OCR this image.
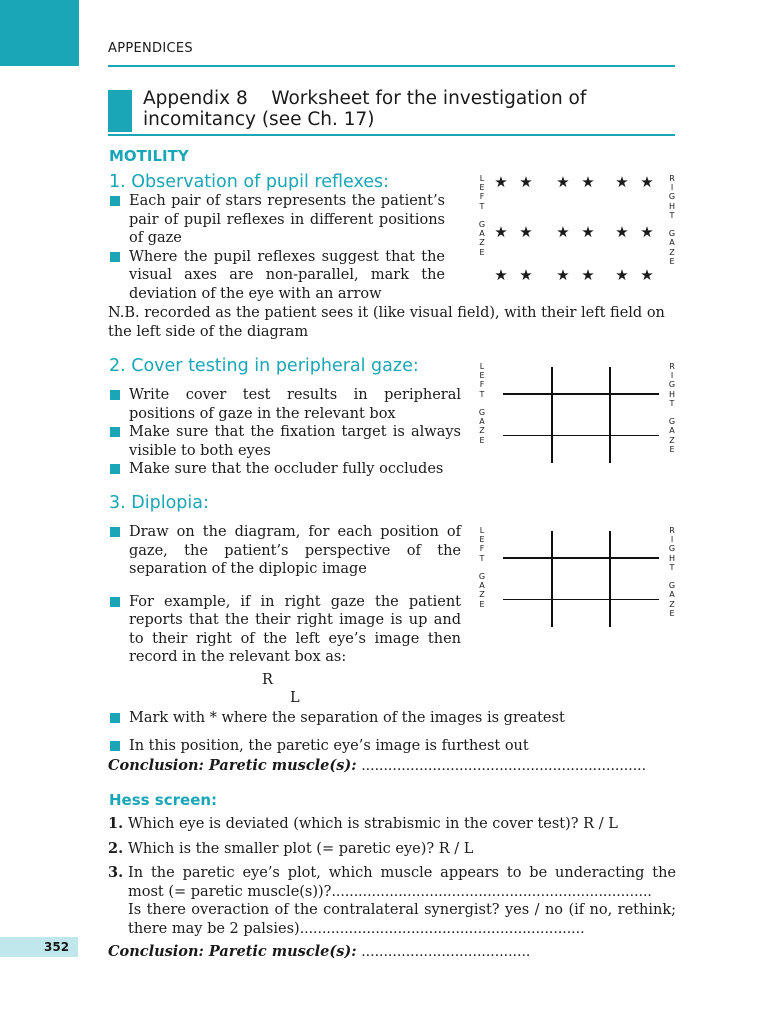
APPENDICES
Appendix 8 Worksheet for the investigation of incomitancy (see Ch. 17)
MOTILITY
1. Observation of pupil reflexes:
Each pair of stars represents the patient’s pair of pupil reflexes in different positions of gaze
Where the pupil reflexes suggest that the visual axes are non-parallel, mark the deviation of the eye with an arrow
N.B. recorded as the patient sees it (like visual field), with their left field on the left side of the diagram
L
E
F
T

G
A
Z
E
R
I
G
H
T

G
A
Z
E
★ ★ ★ ★ ★ ★
★ ★ ★ ★ ★ ★
★ ★ ★ ★ ★ ★
2. Cover testing in peripheral gaze:
Write cover test results in peripheral positions of gaze in the relevant box
Make sure that the fixation target is always visible to both eyes
Make sure that the occluder fully occludes
L
E
F
T

G
A
Z
E
R
I
G
H
T

G
A
Z
E
3. Diplopia:
Draw on the diagram, for each position of gaze, the patient’s perspective of the separation of the diplopic image
For example, if in right gaze the patient reports that the their right image is up and to their right of the left eye’s image then record in the relevant box as:
L
E
F
T

G
A
Z
E
R
I
G
H
T

G
A
Z
E
R
L
Mark with * where the separation of the images is greatest
In this position, the paretic eye’s image is furthest out
Conclusion: Paretic muscle(s): ................................................................
Hess screen:
1. Which eye is deviated (which is strabismic in the cover test)? R / L
2. Which is the smaller plot (= paretic eye)? R / L
3. In the paretic eye’s plot, which muscle appears to be underacting the most (= paretic muscle(s))?........................................................................
Is there overaction of the contralateral synergist? yes / no (if no, rethink; there may be 2 palsies)................................................................
Conclusion: Paretic muscle(s): ......................................
352
